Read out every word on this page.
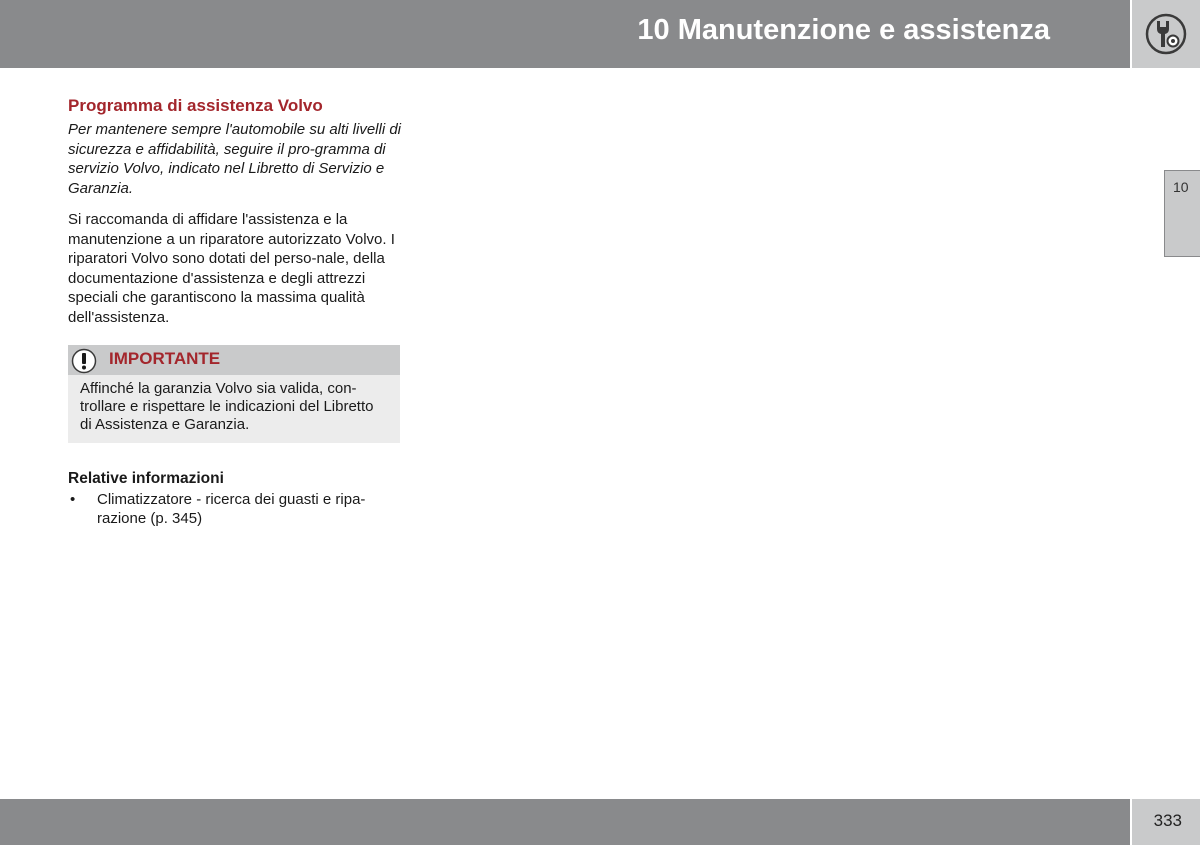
10 Manutenzione e assistenza
10
Programma di assistenza Volvo

Per mantenere sempre l'automobile su alti livelli di sicurezza e affidabilità, seguire il pro-gramma di servizio Volvo, indicato nel Libretto di Servizio e Garanzia.

Si raccomanda di affidare l'assistenza e la manutenzione a un riparatore autorizzato Volvo. I riparatori Volvo sono dotati del perso-nale, della documentazione d'assistenza e degli attrezzi speciali che garantiscono la massima qualità dell'assistenza.

IMPORTANTE

Affinché la garanzia Volvo sia valida, con-trollare e rispettare le indicazioni del Libretto di Assistenza e Garanzia.

Relative informazioni
• Climatizzatore - ricerca dei guasti e ripa-razione (p. 345)
333
